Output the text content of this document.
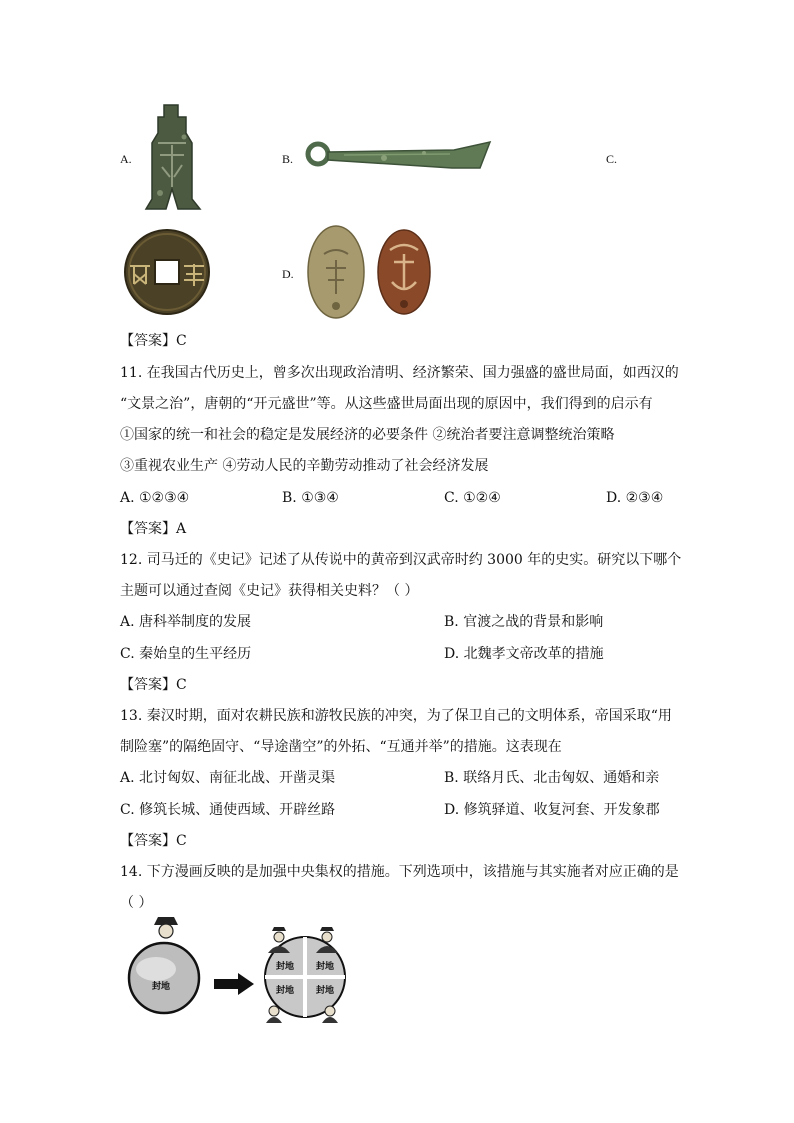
A.	B.	C.
D.
【答案】C
11. 在我国古代历史上，曾多次出现政治清明、经济繁荣、国力强盛的盛世局面，如西汉的
“文景之治”，唐朝的“开元盛世”等。从这些盛世局面出现的原因中，我们得到的启示有
①国家的统一和社会的稳定是发展经济的必要条件 ②统治者要注意调整统治策略
③重视农业生产 ④劳动人民的辛勤劳动推动了社会经济发展
A. ①②③④	B. ①③④	C. ①②④	D. ②③④
【答案】A
12. 司马迁的《史记》记述了从传说中的黄帝到汉武帝时约 3000 年的史实。研究以下哪个
主题可以通过查阅《史记》获得相关史料？（ ）
A. 唐科举制度的发展	B. 官渡之战的背景和影响
C. 秦始皇的生平经历	D. 北魏孝文帝改革的措施
【答案】C
13. 秦汉时期，面对农耕民族和游牧民族的冲突，为了保卫自己的文明体系，帝国采取“用
制险塞”的隔绝固守、“导途凿空”的外拓、“互通并举”的措施。这表现在
A. 北讨匈奴、南征北战、开凿灵渠	B. 联络月氏、北击匈奴、通婚和亲
C. 修筑长城、通使西域、开辟丝路	D. 修筑驿道、收复河套、开发象郡
【答案】C
14. 下方漫画反映的是加强中央集权的措施。下列选项中，该措施与其实施者对应正确的是
（ ）
封地
封地 封地
封地 封地
